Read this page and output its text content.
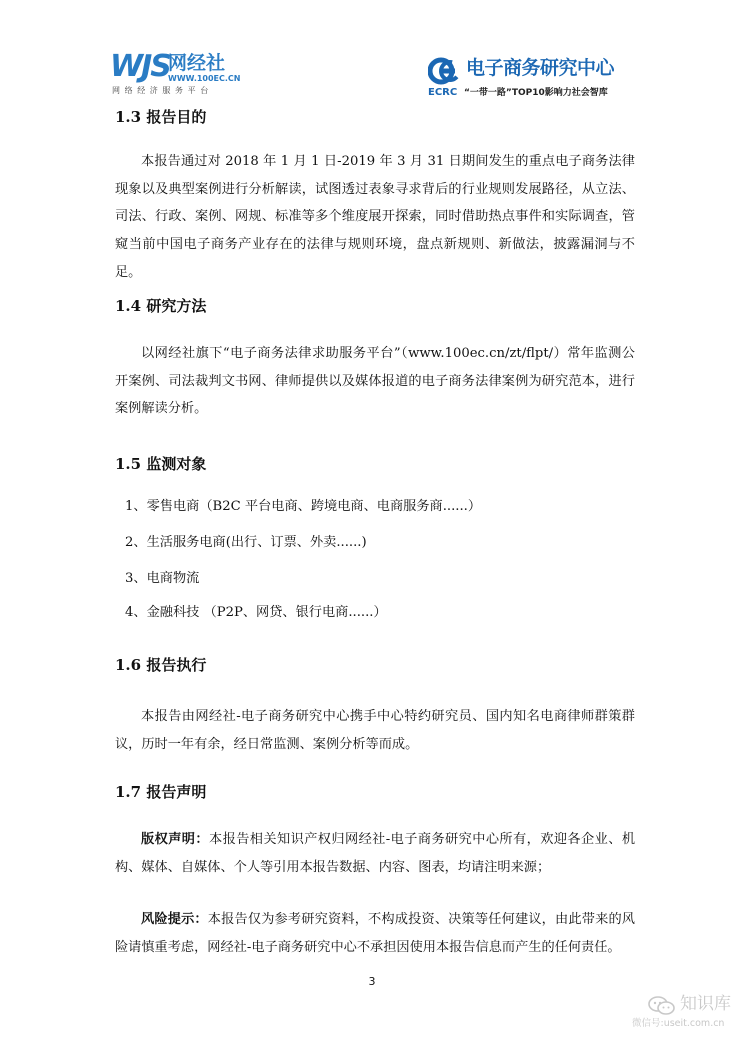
WJS
网经社
WWW.100EC.CN
网络经济服务平台
电子商务研究中心
ECRC “一带一路”TOP10影响力社会智库
1.3 报告目的

本报告通过对 2018 年 1 月 1 日-2019 年 3 月 31 日期间发生的重点电子商务法律现象以及典型案例进行分析解读，试图透过表象寻求背后的行业规则发展路径，从立法、司法、行政、案例、网规、标准等多个维度展开探索，同时借助热点事件和实际调查，管窥当前中国电子商务产业存在的法律与规则环境，盘点新规则、新做法，披露漏洞与不足。

1.4 研究方法

以网经社旗下“电子商务法律求助服务平台”（www.100ec.cn/zt/flpt/）常年监测公开案例、司法裁判文书网、律师提供以及媒体报道的电子商务法律案例为研究范本，进行案例解读分析。

1.5 监测对象

1、零售电商（B2C 平台电商、跨境电商、电商服务商......）

2、生活服务电商(出行、订票、外卖......)

3、电商物流

4、金融科技 （P2P、网贷、银行电商......）

1.6 报告执行

本报告由网经社-电子商务研究中心携手中心特约研究员、国内知名电商律师群策群议，历时一年有余，经日常监测、案例分析等而成。

1.7 报告声明

版权声明：本报告相关知识产权归网经社-电子商务研究中心所有，欢迎各企业、机构、媒体、自媒体、个人等引用本报告数据、内容、图表，均请注明来源；

风险提示：本报告仅为参考研究资料，不构成投资、决策等任何建议，由此带来的风险请慎重考虑，网经社-电子商务研究中心不承担因使用本报告信息而产生的任何责任。

3
知识库
微信号:useit.com.cn
